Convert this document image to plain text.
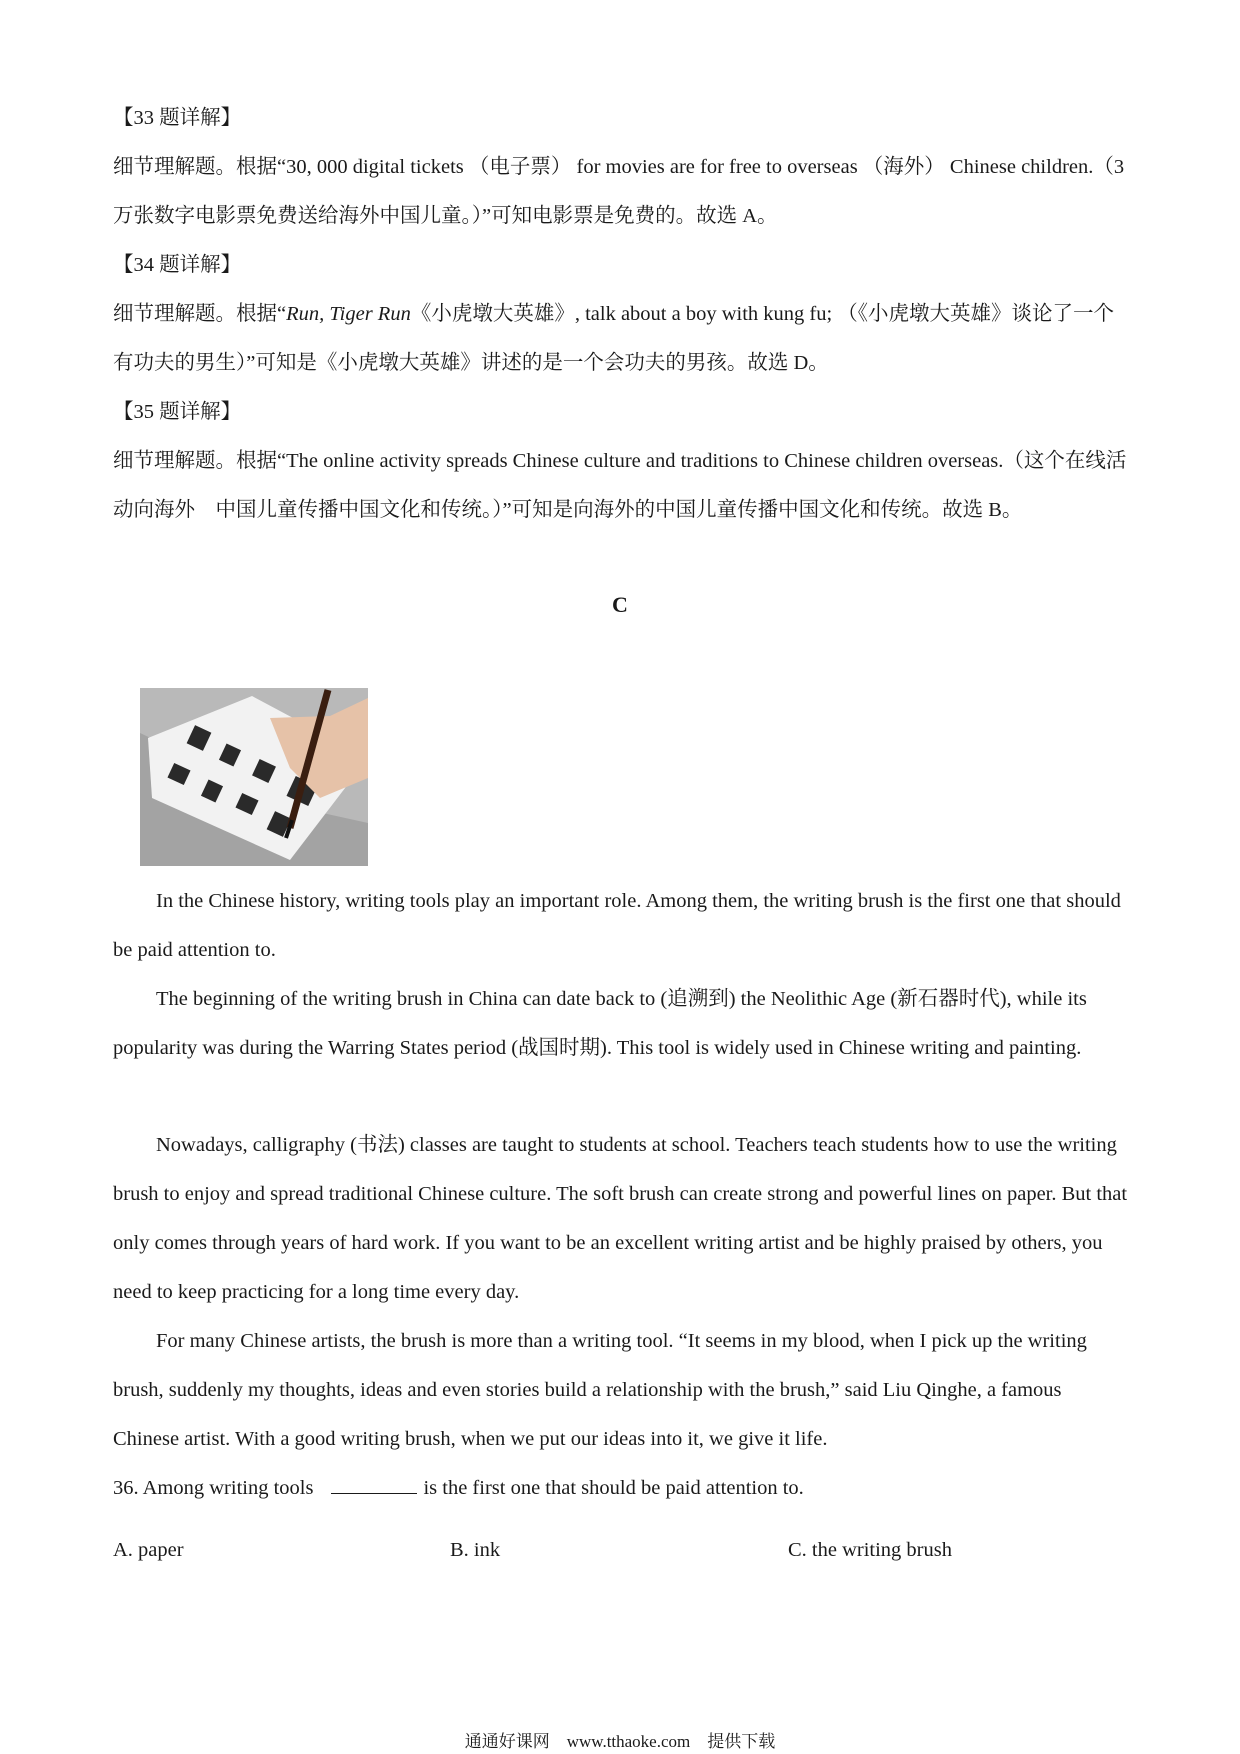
【33 题详解】

细节理解题。根据“30, 000 digital tickets （电子票） for movies are for free to overseas （海外） Chinese children.（3 万张数字电影票免费送给海外中国儿童。）”可知电影票是免费的。故选 A。

【34 题详解】

细节理解题。根据“Run, Tiger Run《小虎墩大英雄》, talk about a boy with kung fu; （《小虎墩大英雄》谈论了一个有功夫的男生）”可知是《小虎墩大英雄》讲述的是一个会功夫的男孩。故选 D。

【35 题详解】

细节理解题。根据“The online activity spreads Chinese culture and traditions to Chinese children overseas.（这个在线活动向海外　中国儿童传播中国文化和传统。）”可知是向海外的中国儿童传播中国文化和传统。故选 B。

C

In the Chinese history, writing tools play an important role. Among them, the writing brush is the first one that should be paid attention to.

The beginning of the writing brush in China can date back to (追溯到) the Neolithic Age (新石器时代), while its popularity was during the Warring States period (战国时期). This tool is widely used in Chinese writing and painting.

Nowadays, calligraphy (书法) classes are taught to students at school. Teachers teach students how to use the writing brush to enjoy and spread traditional Chinese culture. The soft brush can create strong and powerful lines on paper. But that only comes through years of hard work. If you want to be an excellent writing artist and be highly praised by others, you need to keep practicing for a long time every day.

For many Chinese artists, the brush is more than a writing tool. “It seems in my blood, when I pick up the writing brush, suddenly my thoughts, ideas and even stories build a relationship with the brush,” said Liu Qinghe, a famous Chinese artist. With a good writing brush, when we put our ideas into it, we give it life.

36. Among writing tools	is the first one that should be paid attention to.

A. paper	B. ink	C. the writing brush
通通好课网　www.tthaoke.com　提供下载
